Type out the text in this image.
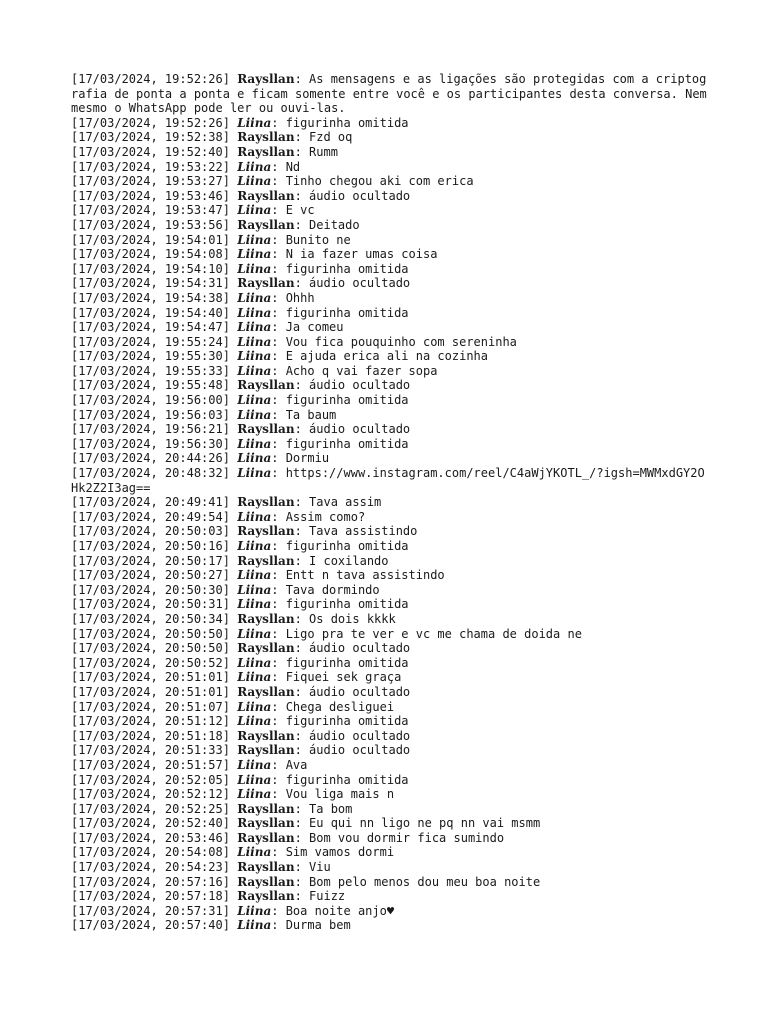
[17/03/2024, 19:52:26] Raysllan: As mensagens e as ligações são protegidas com a criptografia de ponta a ponta e ficam somente entre você e os participantes desta conversa. Nem mesmo o WhatsApp pode ler ou ouvi-las.
[17/03/2024, 19:52:26] Liina: figurinha omitida
[17/03/2024, 19:52:38] Raysllan: Fzd oq
[17/03/2024, 19:52:40] Raysllan: Rumm
[17/03/2024, 19:53:22] Liina: Nd
[17/03/2024, 19:53:27] Liina: Tinho chegou aki com erica
[17/03/2024, 19:53:46] Raysllan: áudio ocultado
[17/03/2024, 19:53:47] Liina: E vc
[17/03/2024, 19:53:56] Raysllan: Deitado
[17/03/2024, 19:54:01] Liina: Bunito ne
[17/03/2024, 19:54:08] Liina: N ia fazer umas coisa
[17/03/2024, 19:54:10] Liina: figurinha omitida
[17/03/2024, 19:54:31] Raysllan: áudio ocultado
[17/03/2024, 19:54:38] Liina: Ohhh
[17/03/2024, 19:54:40] Liina: figurinha omitida
[17/03/2024, 19:54:47] Liina: Ja comeu
[17/03/2024, 19:55:24] Liina: Vou fica pouquinho com sereninha
[17/03/2024, 19:55:30] Liina: E ajuda erica ali na cozinha
[17/03/2024, 19:55:33] Liina: Acho q vai fazer sopa
[17/03/2024, 19:55:48] Raysllan: áudio ocultado
[17/03/2024, 19:56:00] Liina: figurinha omitida
[17/03/2024, 19:56:03] Liina: Ta baum
[17/03/2024, 19:56:21] Raysllan: áudio ocultado
[17/03/2024, 19:56:30] Liina: figurinha omitida
[17/03/2024, 20:44:26] Liina: Dormiu
[17/03/2024, 20:48:32] Liina: https://www.instagram.com/reel/C4aWjYKOTL_/?igsh=MWMxdGY2OHk2Z2I3ag==
[17/03/2024, 20:49:41] Raysllan: Tava assim
[17/03/2024, 20:49:54] Liina: Assim como?
[17/03/2024, 20:50:03] Raysllan: Tava assistindo
[17/03/2024, 20:50:16] Liina: figurinha omitida
[17/03/2024, 20:50:17] Raysllan: I coxilando
[17/03/2024, 20:50:27] Liina: Entt n tava assistindo
[17/03/2024, 20:50:30] Liina: Tava dormindo
[17/03/2024, 20:50:31] Liina: figurinha omitida
[17/03/2024, 20:50:34] Raysllan: Os dois kkkk
[17/03/2024, 20:50:50] Liina: Ligo pra te ver e vc me chama de doida ne
[17/03/2024, 20:50:50] Raysllan: áudio ocultado
[17/03/2024, 20:50:52] Liina: figurinha omitida
[17/03/2024, 20:51:01] Liina: Fiquei sek graça
[17/03/2024, 20:51:01] Raysllan: áudio ocultado
[17/03/2024, 20:51:07] Liina: Chega desliguei
[17/03/2024, 20:51:12] Liina: figurinha omitida
[17/03/2024, 20:51:18] Raysllan: áudio ocultado
[17/03/2024, 20:51:33] Raysllan: áudio ocultado
[17/03/2024, 20:51:57] Liina: Ava
[17/03/2024, 20:52:05] Liina: figurinha omitida
[17/03/2024, 20:52:12] Liina: Vou liga mais n
[17/03/2024, 20:52:25] Raysllan: Ta bom
[17/03/2024, 20:52:40] Raysllan: Eu qui nn ligo ne pq nn vai msmm
[17/03/2024, 20:53:46] Raysllan: Bom vou dormir fica sumindo
[17/03/2024, 20:54:08] Liina: Sim vamos dormi
[17/03/2024, 20:54:23] Raysllan: Viu
[17/03/2024, 20:57:16] Raysllan: Bom pelo menos dou meu boa noite
[17/03/2024, 20:57:18] Raysllan: Fuizz
[17/03/2024, 20:57:31] Liina: Boa noite anjo♥
[17/03/2024, 20:57:40] Liina: Durma bem
